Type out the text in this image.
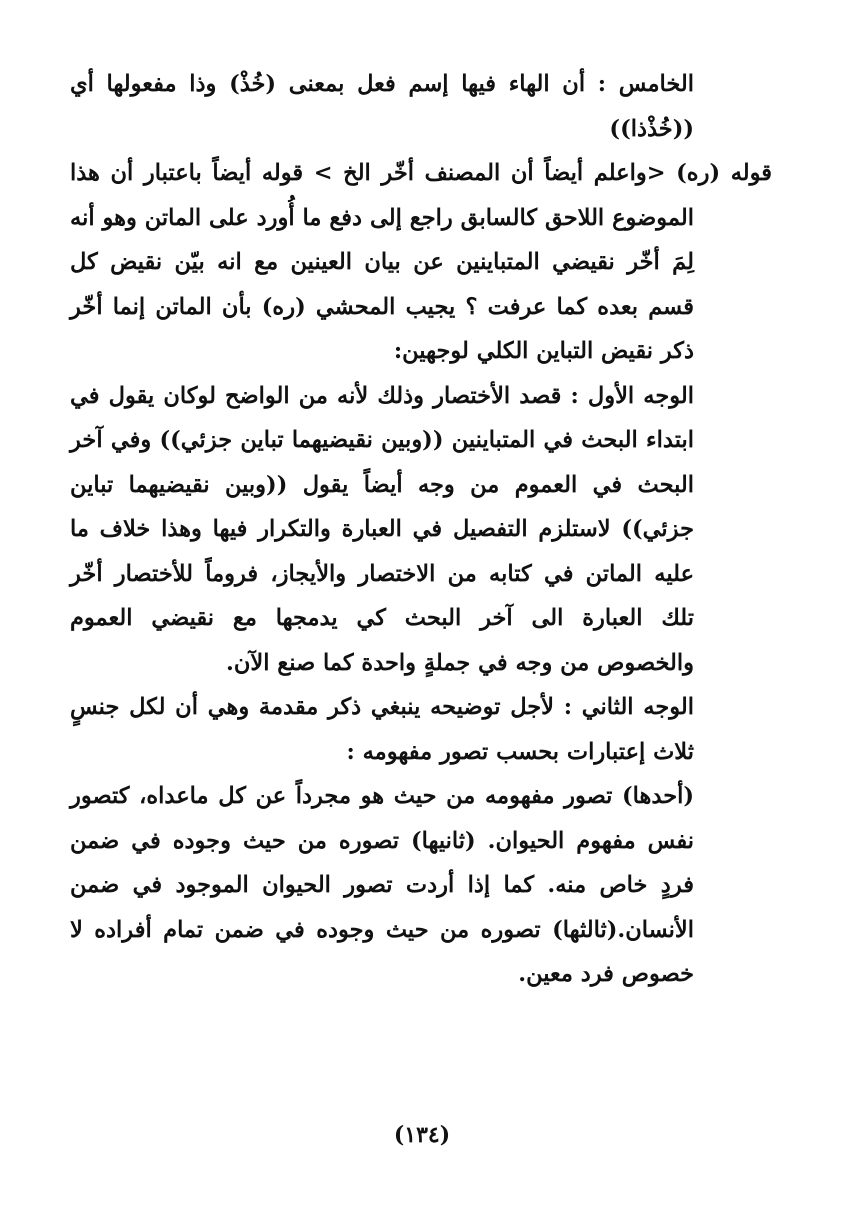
الخامس : أن الهاء فيها إسم فعل بمعنى (خُذْ) وذا مفعولها أي ((خُذْذا))

قوله (ره) <واعلم أيضاً أن المصنف أخّر الخ > قوله أيضاً باعتبار أن هذا الموضوع اللاحق كالسابق راجع إلى دفع ما أُورد على الماتن وهو أنه لِمَ أخّر نقيضي المتباينين عن بيان العينين مع انه بيّن نقيض كل قسم بعده كما عرفت ؟ يجيب المحشي (ره) بأن الماتن إنما أخّر ذكر نقيض التباين الكلي لوجهين:

الوجه الأول : قصد الأختصار وذلك لأنه من الواضح لوكان يقول في ابتداء البحث في المتباينين ((وبين نقيضيهما تباين جزئي)) وفي آخر البحث في العموم من وجه أيضاً يقول ((وبين نقيضيهما تباين جزئي)) لاستلزم التفصيل في العبارة والتكرار فيها وهذا خلاف ما عليه الماتن في كتابه من الاختصار والأيجاز، فروماً للأختصار أخّر تلك العبارة الى آخر البحث كي يدمجها مع نقيضي العموم والخصوص من وجه في جملةٍ واحدة كما صنع الآن.

الوجه الثاني : لأجل توضيحه ينبغي ذكر مقدمة وهي أن لكل جنسٍ ثلاث إعتبارات بحسب تصور مفهومه :

(أحدها) تصور مفهومه من حيث هو مجرداً عن كل ماعداه، كتصور نفس مفهوم الحيوان. (ثانيها) تصوره من حيث وجوده في ضمن فردٍ خاص منه. كما إذا أردت تصور الحيوان الموجود في ضمن الأنسان.(ثالثها) تصوره من حيث وجوده في ضمن تمام أفراده لا خصوص فرد معين.

(١٣٤)
